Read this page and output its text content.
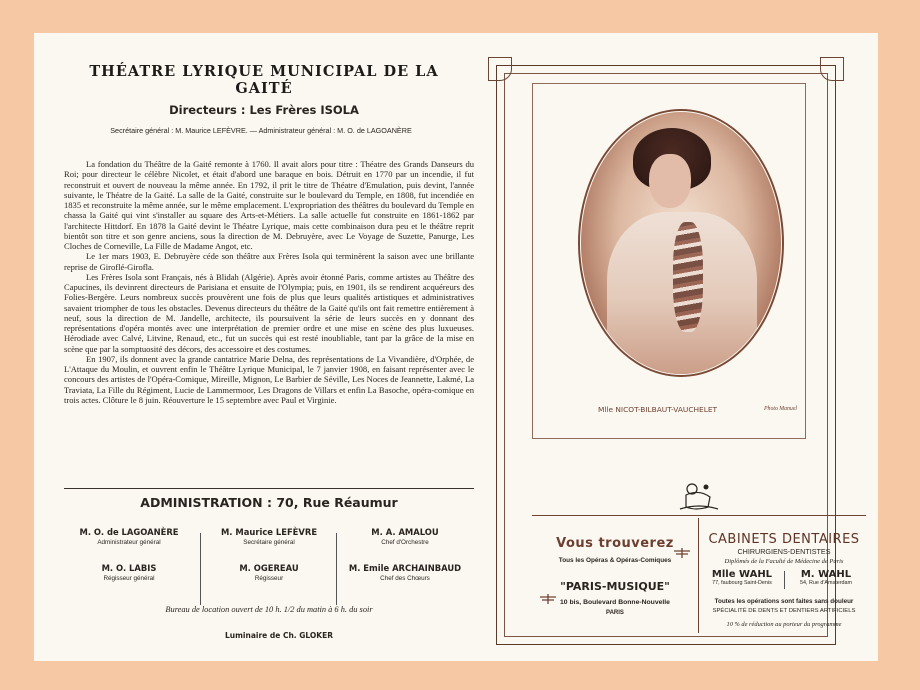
THÉATRE LYRIQUE MUNICIPAL DE LA GAITÉ
Directeurs : Les Frères ISOLA
Secrétaire général : M. Maurice LEFÈVRE. — Administrateur général : M. O. de LAGOANÈRE

La fondation du Théâtre de la Gaité remonte à 1760. Il avait alors pour titre : Théatre des Grands Danseurs du Roi; pour directeur le célèbre Nicolet, et était d'abord une baraque en bois. Détruit en 1770 par un incendie, il fut reconstruit et ouvert de nouveau la même année. En 1792, il prit le titre de Théatre d'Emulation, puis devint, l'année suivante, le Théatre de la Gaité. La salle de la Gaité, construite sur le boulevard du Temple, en 1808, fut incendiée en 1835 et reconstruite la même année, sur le même emplacement. L'expropriation des théâtres du boulevard du Temple en chassa la Gaité qui vint s'installer au square des Arts-et-Métiers. La salle actuelle fut construite en 1861-1862 par l'architecte Hittdorf. En 1878 la Gaité devint le Théatre Lyrique, mais cette combinaison dura peu et le théâtre reprit bientôt son titre et son genre anciens, sous la direction de M. Debruyère, avec Le Voyage de Suzette, Panurge, Les Cloches de Corneville, La Fille de Madame Angot, etc.

Le 1er mars 1903, E. Debruyère céde son théâtre aux Frères Isola qui terminèrent la saison avec une brillante reprise de Giroflé-Girofla.

Les Frères Isola sont Français, nés à Blidah (Algérie). Après avoir étonné Paris, comme artistes au Théâtre des Capucines, ils devinrent directeurs de Parisiana et ensuite de l'Olympia; puis, en 1901, ils se rendirent acquéreurs des Folies-Bergère. Leurs nombreux succès prouvèrent une fois de plus que leurs qualités artistiques et administratives savaient triompher de tous les obstacles. Devenus directeurs du théâtre de la Gaité qu'ils ont fait remettre entièrement à neuf, sous la direction de M. Jandelle, architecte, ils poursuivent la série de leurs succès en y donnant des représentations d'opéra montés avec une interprétation de premier ordre et une mise en scène des plus luxueuses. Hérodiade avec Calvé, Litvine, Renaud, etc., fut un succès qui est resté inoubliable, tant par la grâce de la mise en scène que par la somptuosité des décors, des accessoire et des costumes.

En 1907, ils donnent avec la grande cantatrice Marie Delna, des représentations de La Vivandière, d'Orphée, de L'Attaque du Moulin, et ouvrent enfin le Théâtre Lyrique Municipal, le 7 janvier 1908, en faisant représenter avec le concours des artistes de l'Opéra-Comique, Mireille, Mignon, Le Barbier de Séville, Les Noces de Jeannette, Lakmé, La Traviata, La Fille du Régiment, Lucie de Lammermoor, Les Dragons de Villars et enfin La Basoche, opéra-comique en trois actes. Clôture le 8 juin. Réouverture le 15 septembre avec Paul et Virginie.

ADMINISTRATION : 70, Rue Réaumur
M. O. de LAGOANÈRE
Administrateur général
M. O. LABIS
Régisseur général
M. Maurice LEFÈVRE
Secrétaire général
M. OGEREAU
Régisseur
M. A. AMALOU
Chef d'Orchestre
M. Emile ARCHAINBAUD
Chef des Chœurs
Bureau de location ouvert de 10 h. 1/2 du matin à 6 h. du soir
Luminaire de Ch. GLOKER
Mlle NICOT-BILBAUT-VAUCHELET	Photo Manuel
Vous trouverez
Tous les Opéras & Opéras-Comiques
"PARIS-MUSIQUE"
10 bis, Boulevard Bonne-Nouvelle
PARIS
CABINETS DENTAIRES
CHIRURGIENS-DENTISTES
Diplômés de la Faculté de Médecine de Paris
Mlle WAHL
77, faubourg Saint-Denis
M. WAHL
54, Rue d'Amsterdam
Toutes les opérations sont faites sans douleur
SPÉCIALITÉ DE DENTS ET DENTIERS ARTIFICIELS
10 % de réduction au porteur du programme
